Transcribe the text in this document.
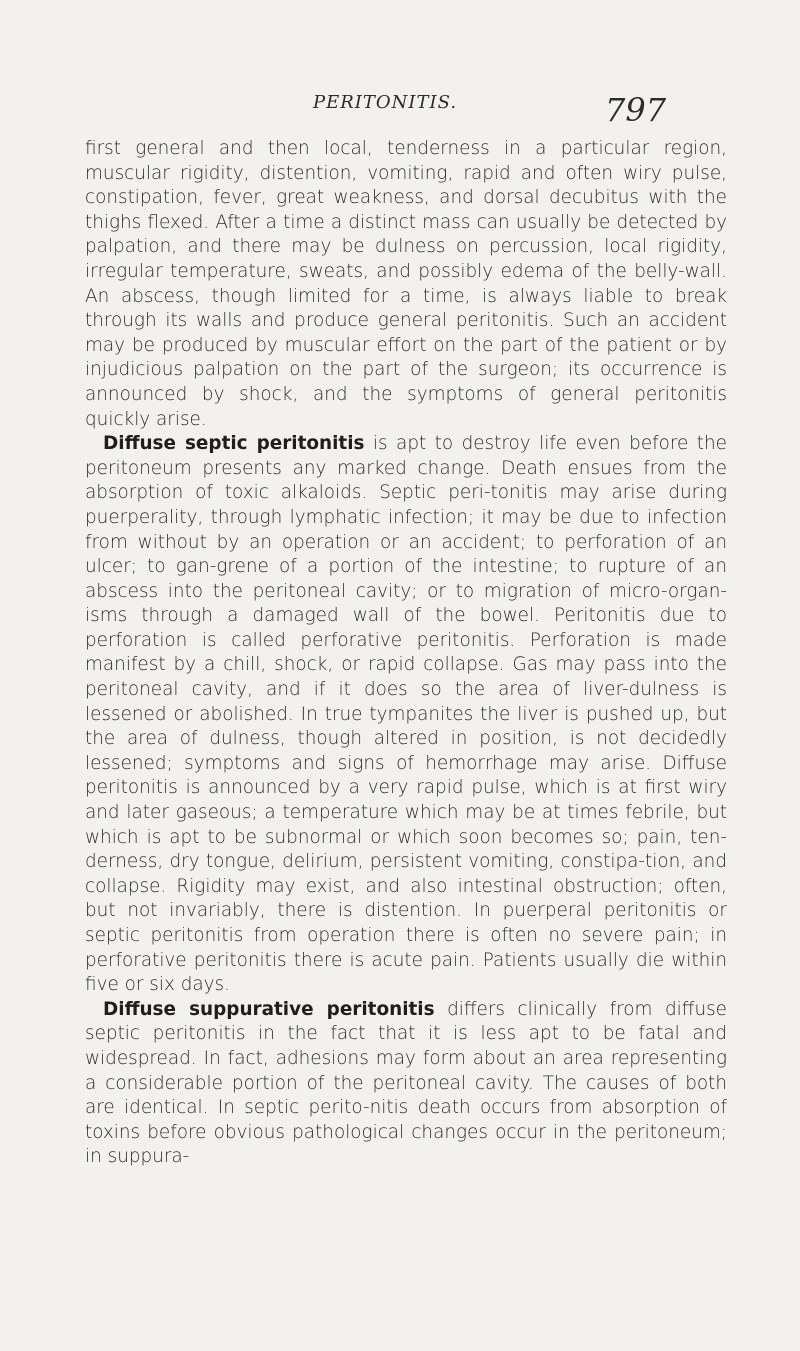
PERITONITIS.	797

first general and then local, tenderness in a particular region, muscular rigidity, distention, vomiting, rapid and often wiry pulse, constipation, fever, great weakness, and dorsal decubitus with the thighs flexed. After a time a distinct mass can usually be detected by palpation, and there may be dulness on percussion, local rigidity, irregular temperature, sweats, and possibly edema of the belly-wall. An abscess, though limited for a time, is always liable to break through its walls and produce general peritonitis. Such an accident may be produced by muscular effort on the part of the patient or by injudicious palpation on the part of the surgeon; its occurrence is announced by shock, and the symptoms of general peritonitis quickly arise.

Diffuse septic peritonitis is apt to destroy life even before the peritoneum presents any marked change. Death ensues from the absorption of toxic alkaloids. Septic peri-tonitis may arise during puerperality, through lymphatic infection; it may be due to infection from without by an operation or an accident; to perforation of an ulcer; to gan-grene of a portion of the intestine; to rupture of an abscess into the peritoneal cavity; or to migration of micro-organ-isms through a damaged wall of the bowel. Peritonitis due to perforation is called perforative peritonitis. Perforation is made manifest by a chill, shock, or rapid collapse. Gas may pass into the peritoneal cavity, and if it does so the area of liver-dulness is lessened or abolished. In true tympanites the liver is pushed up, but the area of dulness, though altered in position, is not decidedly lessened; symptoms and signs of hemorrhage may arise. Diffuse peritonitis is announced by a very rapid pulse, which is at first wiry and later gaseous; a temperature which may be at times febrile, but which is apt to be subnormal or which soon becomes so; pain, ten-derness, dry tongue, delirium, persistent vomiting, constipa-tion, and collapse. Rigidity may exist, and also intestinal obstruction; often, but not invariably, there is distention. In puerperal peritonitis or septic peritonitis from operation there is often no severe pain; in perforative peritonitis there is acute pain. Patients usually die within five or six days.

Diffuse suppurative peritonitis differs clinically from diffuse septic peritonitis in the fact that it is less apt to be fatal and widespread. In fact, adhesions may form about an area representing a considerable portion of the peritoneal cavity. The causes of both are identical. In septic perito-nitis death occurs from absorption of toxins before obvious pathological changes occur in the peritoneum; in suppura-
